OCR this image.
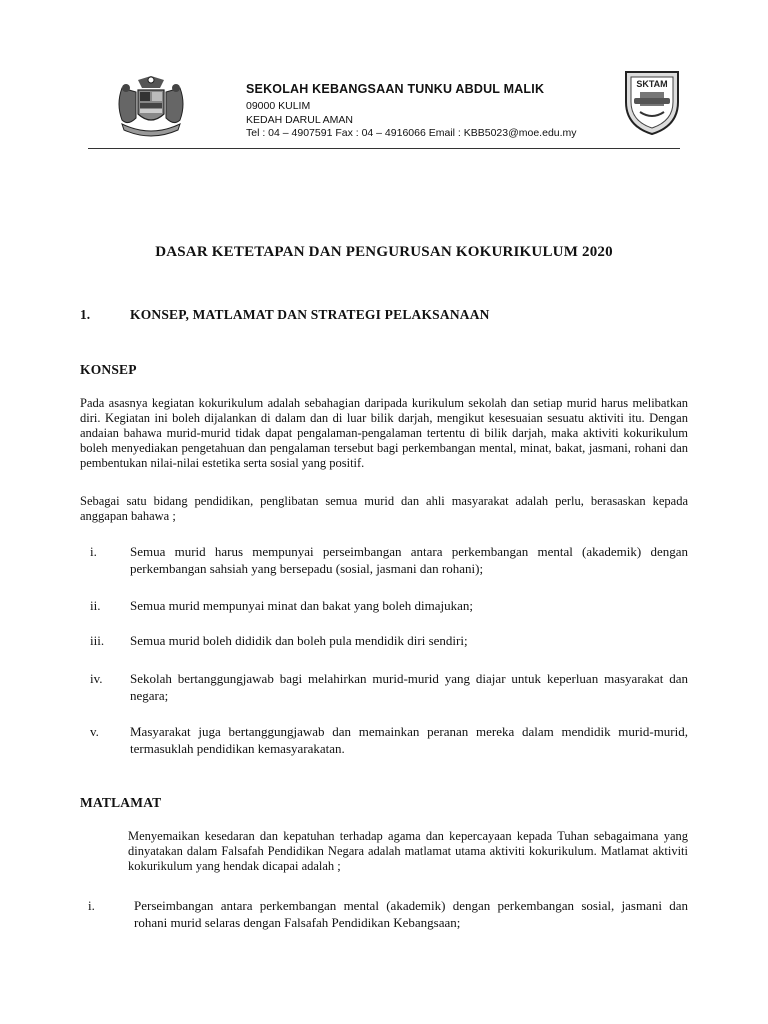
SEKOLAH KEBANGSAAN TUNKU ABDUL MALIK
09000 KULIM
KEDAH DARUL AMAN
Tel : 04 – 4907591 Fax : 04 – 4916066 Email : KBB5023@moe.edu.my
SKTAM
DASAR KETETAPAN DAN PENGURUSAN KOKURIKULUM 2020
1.	KONSEP, MATLAMAT DAN STRATEGI PELAKSANAAN
KONSEP
Pada asasnya kegiatan kokurikulum adalah sebahagian daripada kurikulum sekolah dan setiap murid harus melibatkan diri. Kegiatan ini boleh dijalankan di dalam dan di luar bilik darjah, mengikut kesesuaian sesuatu aktiviti itu. Dengan andaian bahawa murid-murid tidak dapat pengalaman-pengalaman tertentu di bilik darjah, maka aktiviti kokurikulum boleh menyediakan pengetahuan dan pengalaman tersebut bagi perkembangan mental, minat, bakat, jasmani, rohani dan pembentukan nilai-nilai estetika serta sosial yang positif.
Sebagai satu bidang pendidikan, penglibatan semua murid dan ahli masyarakat adalah perlu, berasaskan kepada anggapan bahawa ;
i.	Semua murid harus mempunyai perseimbangan antara perkembangan mental (akademik) dengan perkembangan sahsiah yang bersepadu (sosial, jasmani dan rohani);
ii. Semua murid mempunyai minat dan bakat yang boleh dimajukan;
iii. Semua murid boleh dididik dan boleh pula mendidik diri sendiri;
iv. Sekolah bertanggungjawab bagi melahirkan murid-murid yang diajar untuk keperluan masyarakat dan negara;
v. Masyarakat juga bertanggungjawab dan memainkan peranan mereka dalam mendidik murid-murid, termasuklah pendidikan kemasyarakatan.
MATLAMAT
Menyemaikan kesedaran dan kepatuhan terhadap agama dan kepercayaan kepada Tuhan sebagaimana yang dinyatakan dalam Falsafah Pendidikan Negara adalah matlamat utama aktiviti kokurikulum. Matlamat aktiviti kokurikulum yang hendak dicapai adalah ;
i.	Perseimbangan antara perkembangan mental (akademik) dengan perkembangan sosial, jasmani dan rohani murid selaras dengan Falsafah Pendidikan Kebangsaan;
